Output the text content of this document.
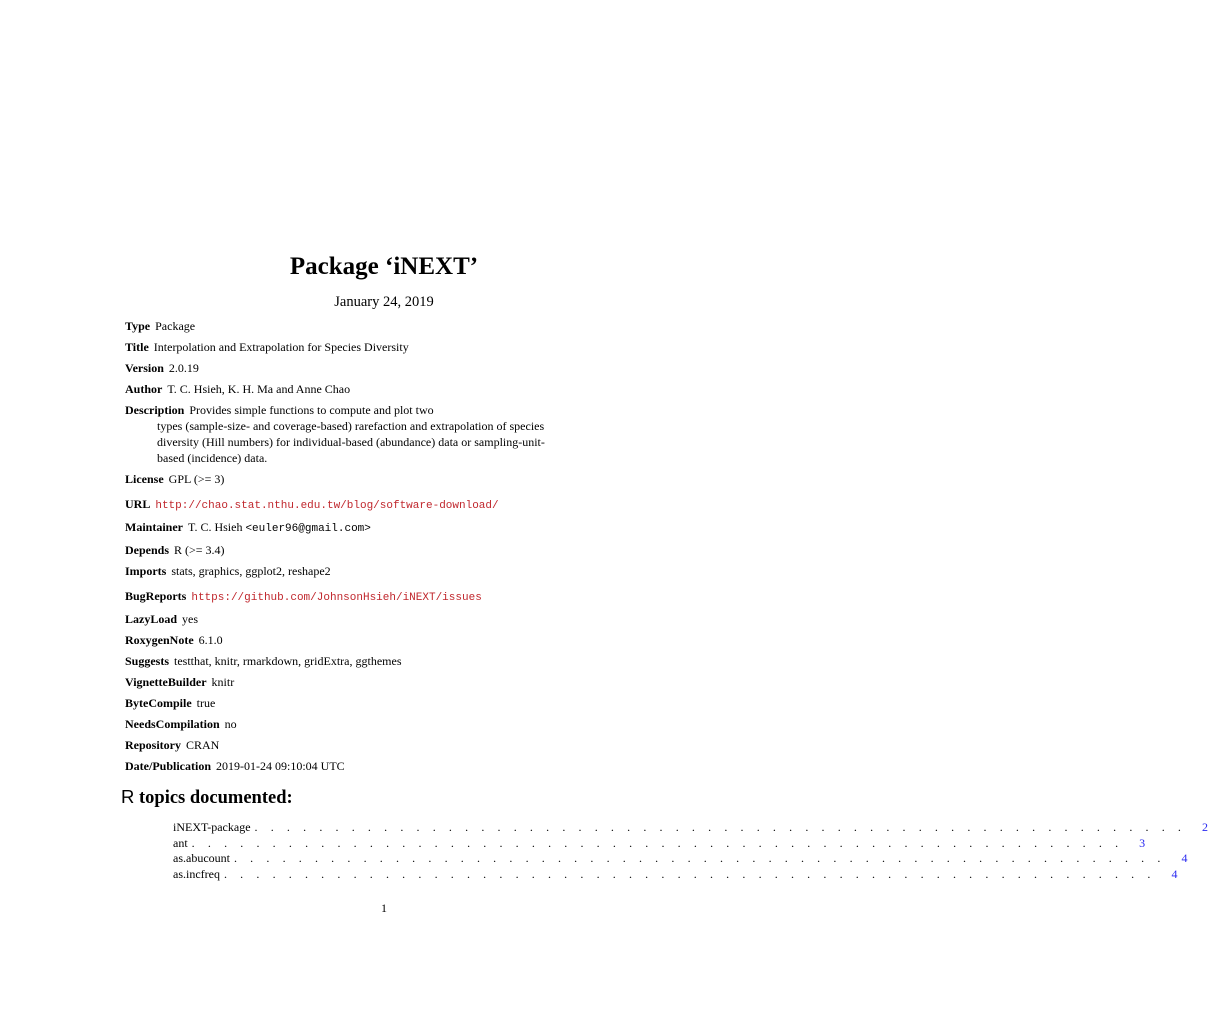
Package ‘iNEXT’
January 24, 2019

Type Package

Title Interpolation and Extrapolation for Species Diversity

Version 2.0.19

Author T. C. Hsieh, K. H. Ma and Anne Chao

Description Provides simple functions to compute and plot two
types (sample-size- and coverage-based) rarefaction and extrapolation of species
diversity (Hill numbers) for individual-based (abundance) data or sampling-unit-
based (incidence) data.

License GPL (>= 3)

URL http://chao.stat.nthu.edu.tw/blog/software-download/

Maintainer T. C. Hsieh <euler96@gmail.com>

Depends R (>= 3.4)

Imports stats, graphics, ggplot2, reshape2

BugReports https://github.com/JohnsonHsieh/iNEXT/issues

LazyLoad yes

RoxygenNote 6.1.0

Suggests testthat, knitr, rmarkdown, gridExtra, ggthemes

VignetteBuilder knitr

ByteCompile true

NeedsCompilation no

Repository CRAN

Date/Publication 2019-01-24 09:10:04 UTC

R topics documented:
iNEXT-package . . . . . . . . . . . . . . . . . . . . . . . . . . . . . . . . . . . . . . . . . . . . . . . . . . . . . . . . . .	2
ant . . . . . . . . . . . . . . . . . . . . . . . . . . . . . . . . . . . . . . . . . . . . . . . . . . . . . . . . . .	3
as.abucount . . . . . . . . . . . . . . . . . . . . . . . . . . . . . . . . . . . . . . . . . . . . . . . . . . . . . . . . . .	4
as.incfreq . . . . . . . . . . . . . . . . . . . . . . . . . . . . . . . . . . . . . . . . . . . . . . . . . . . . . . . . . .	4
1
